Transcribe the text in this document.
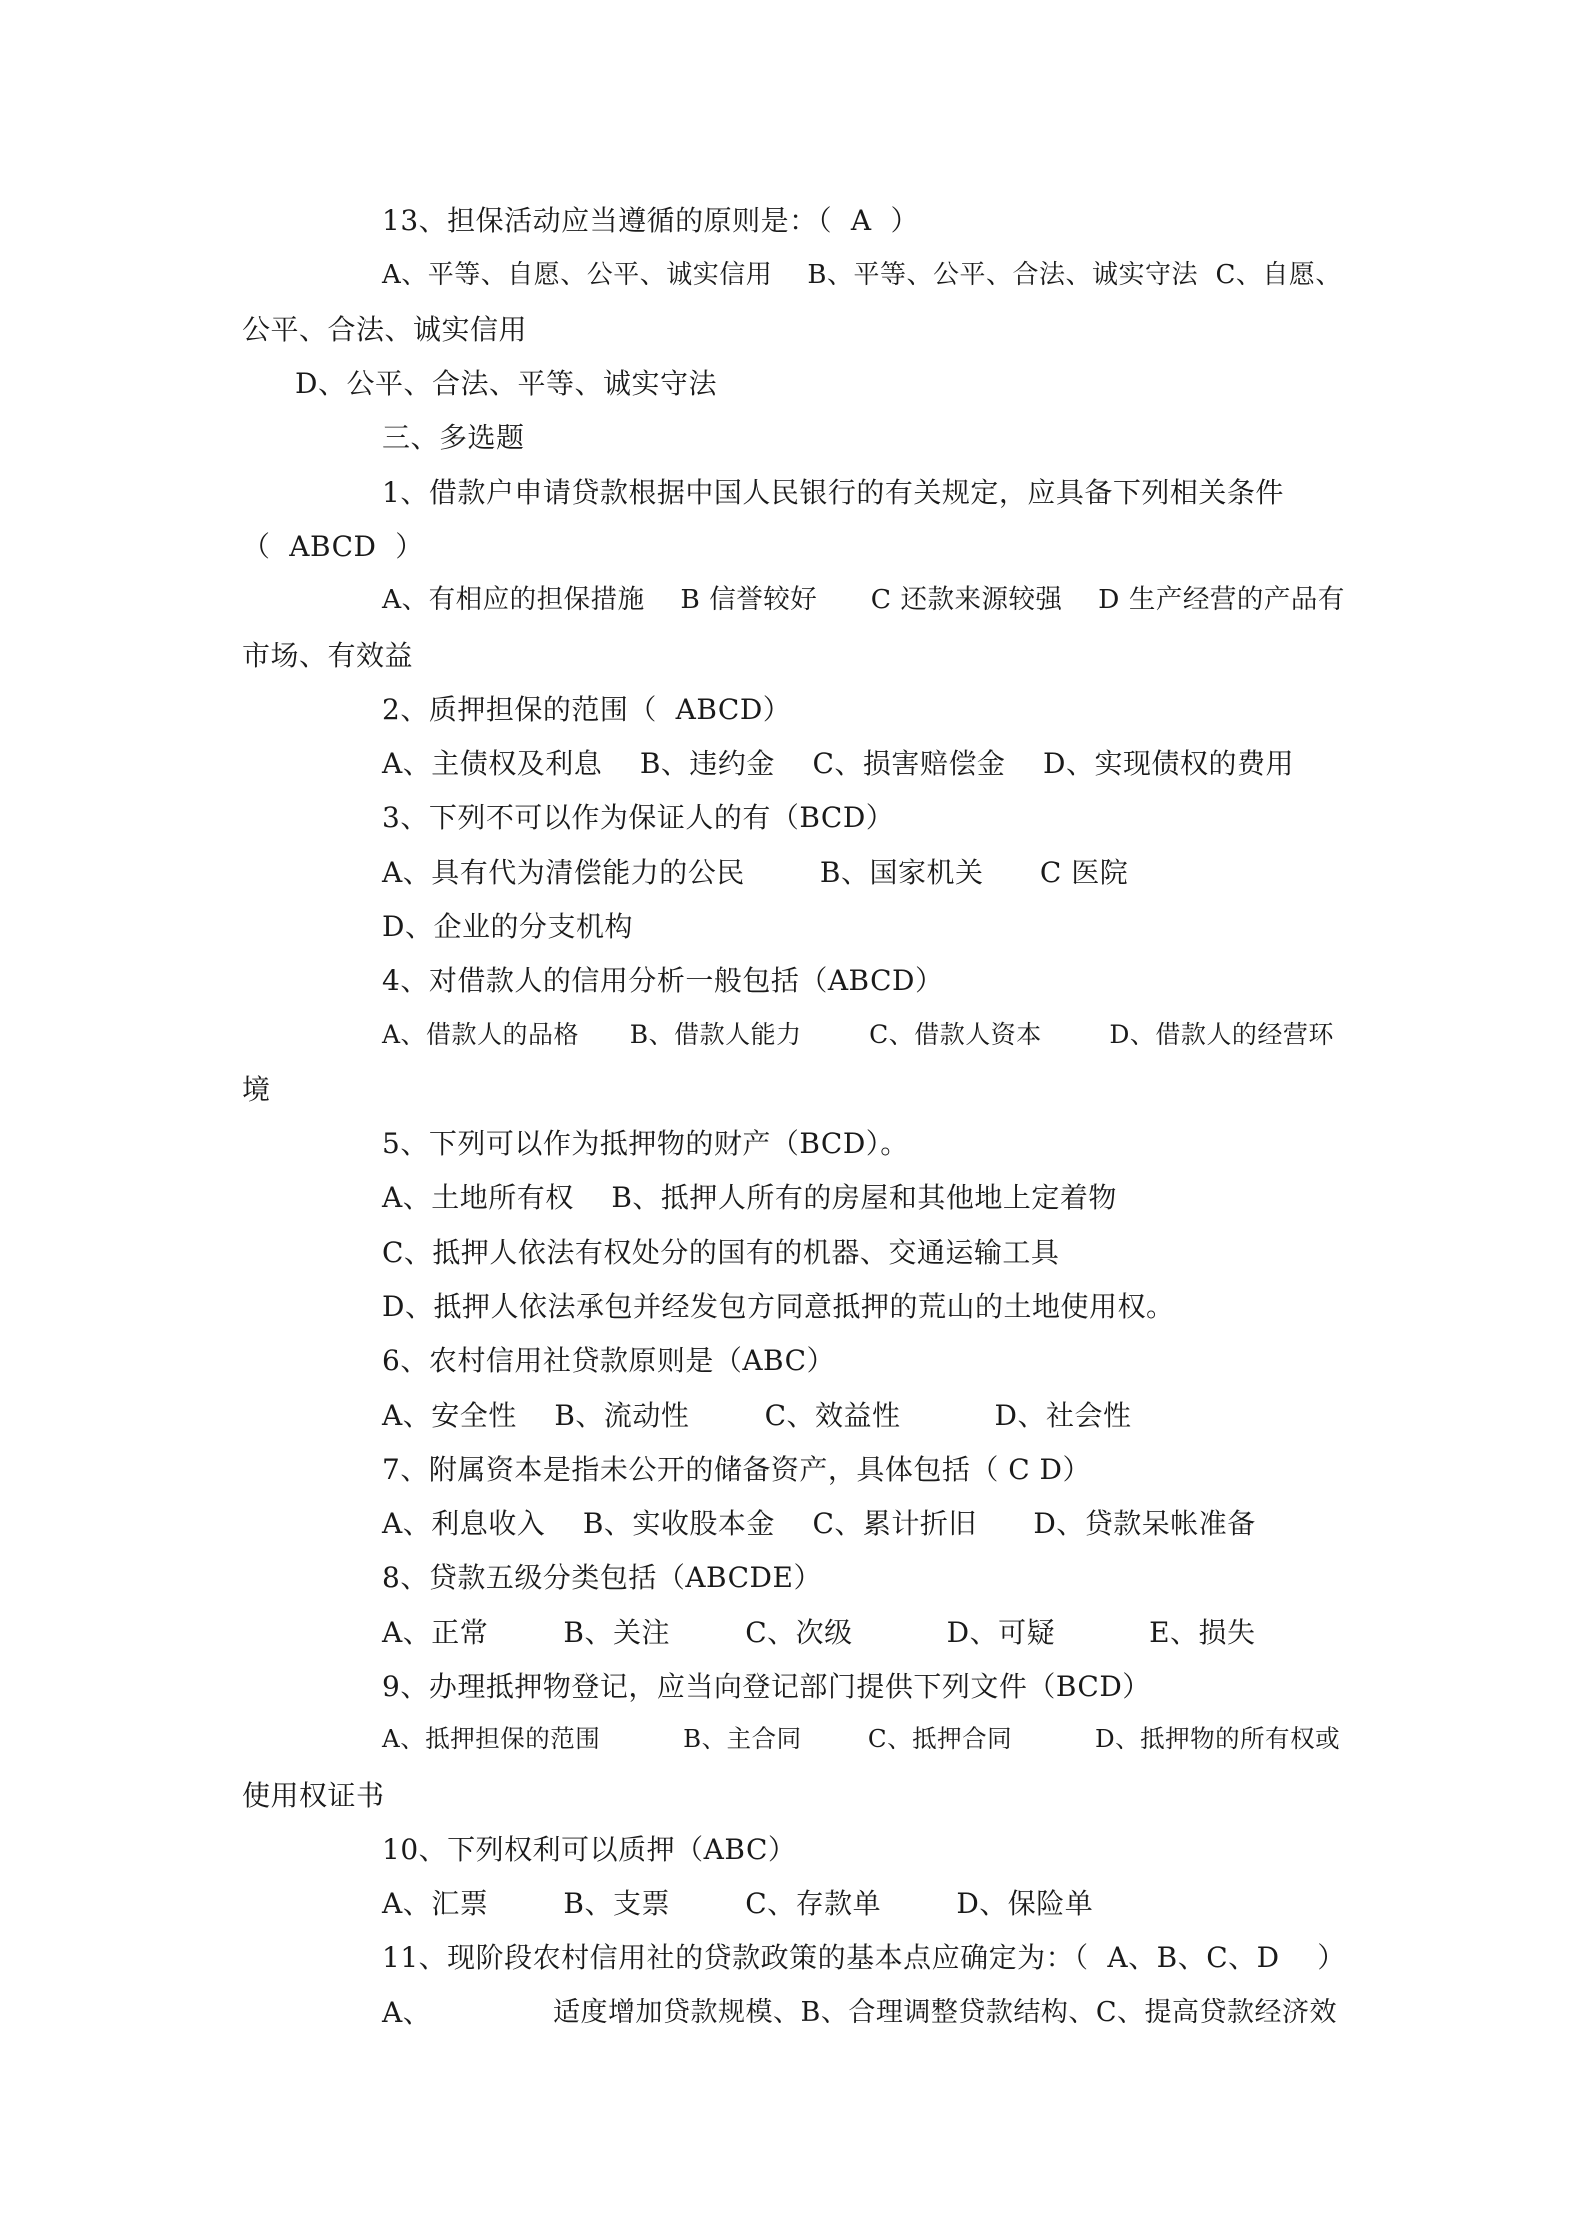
13、担保活动应当遵循的原则是：（  A  ）
A、平等、自愿、公平、诚实信用    B、平等、公平、合法、诚实守法  C、自愿、
公平、合法、诚实信用
D、公平、合法、平等、诚实守法
三、多选题
1、借款户申请贷款根据中国人民银行的有关规定，应具备下列相关条件
（  ABCD  ）
A、有相应的担保措施    B 信誉较好      C 还款来源较强    D 生产经营的产品有
市场、有效益
2、质押担保的范围（  ABCD）
A、主债权及利息    B、违约金    C、损害赔偿金    D、实现债权的费用
3、下列不可以作为保证人的有（BCD）
A、具有代为清偿能力的公民        B、国家机关      C 医院
D、企业的分支机构
4、对借款人的信用分析一般包括（ABCD）
A、借款人的品格      B、借款人能力        C、借款人资本        D、借款人的经营环
境
5、下列可以作为抵押物的财产（BCD）。
A、土地所有权    B、抵押人所有的房屋和其他地上定着物
C、抵押人依法有权处分的国有的机器、交通运输工具
D、抵押人依法承包并经发包方同意抵押的荒山的土地使用权。
6、农村信用社贷款原则是（ABC）
A、安全性    B、流动性        C、效益性          D、社会性
7、附属资本是指未公开的储备资产，具体包括（ C D）
A、利息收入    B、实收股本金    C、累计折旧      D、贷款呆帐准备
8、贷款五级分类包括（ABCDE）
A、正常        B、关注        C、次级          D、可疑          E、损失
9、办理抵押物登记，应当向登记部门提供下列文件（BCD）
A、抵押担保的范围          B、主合同        C、抵押合同          D、抵押物的所有权或
使用权证书
10、下列权利可以质押（ABC）
A、汇票        B、支票        C、存款单        D、保险单
11、现阶段农村信用社的贷款政策的基本点应确定为：（  A、B、C、D    ）
A、	适度增加贷款规模、B、合理调整贷款结构、C、提高贷款经济效
